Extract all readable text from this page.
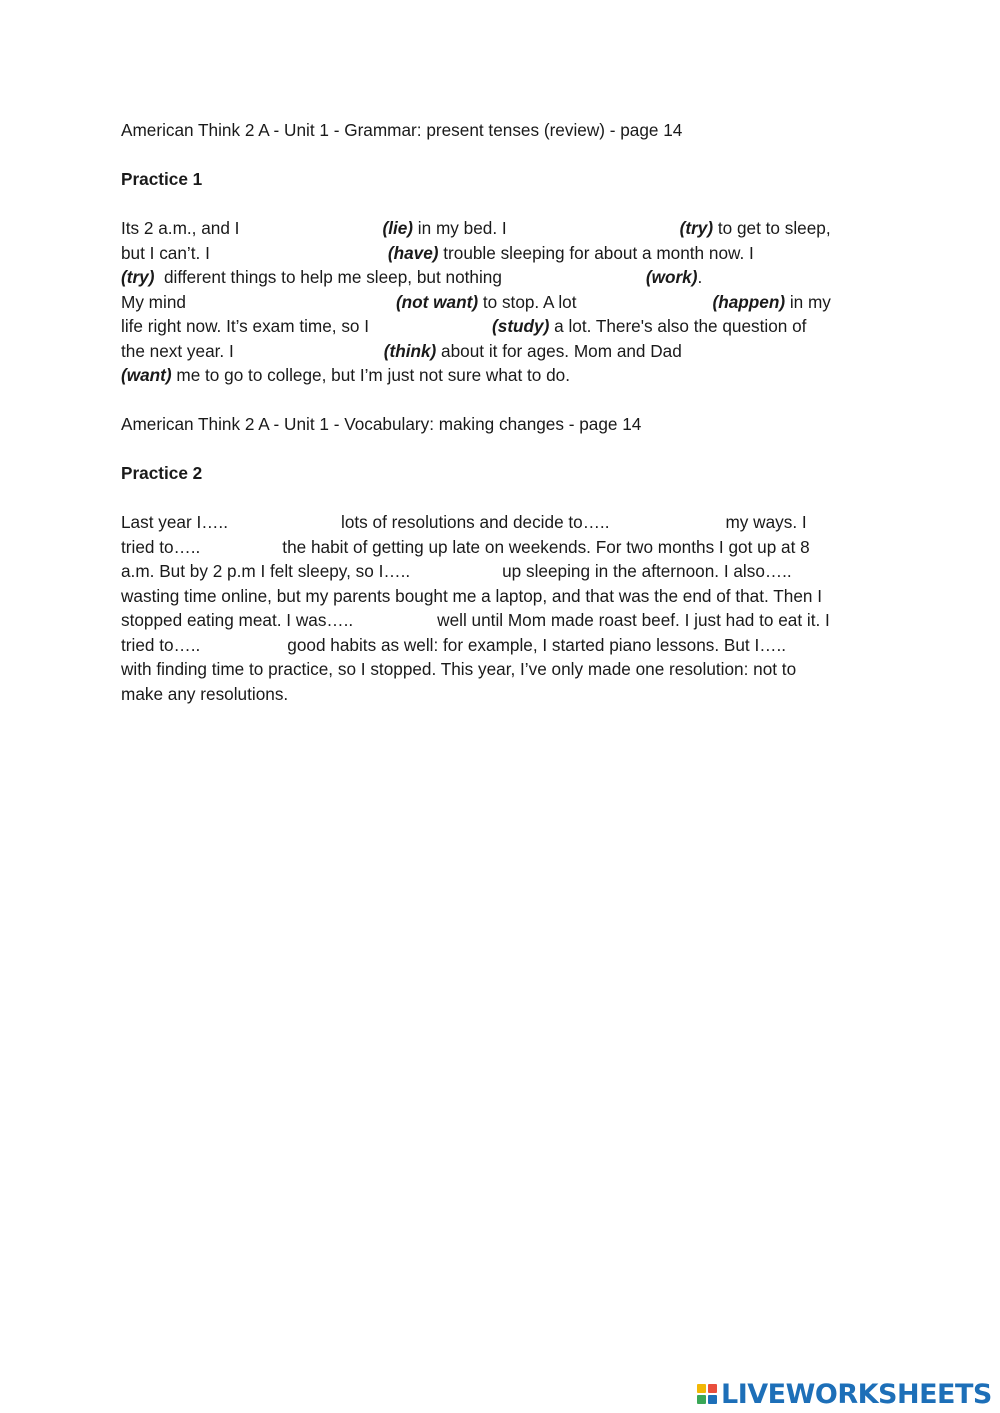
American Think 2 A - Unit 1 - Grammar: present tenses (review) - page 14
Practice 1
Its 2 a.m., and I	(lie) in my bed. I	(try) to get to sleep,
but I can’t. I	(have) trouble sleeping for about a month now. I
(try)  different things to help me sleep, but nothing	(work).
My mind	(not want) to stop. A lot	(happen) in my
life right now. It’s exam time, so I	(study) a lot. There's also the question of
the next year. I	(think) about it for ages. Mom and Dad
(want) me to go to college, but I’m just not sure what to do.
American Think 2 A - Unit 1 - Vocabulary: making changes - page 14
Practice 2
Last year I…..	lots of resolutions and decide to…..	my ways. I
tried to…..	the habit of getting up late on weekends. For two months I got up at 8
a.m. But by 2 p.m I felt sleepy, so I…..	up sleeping in the afternoon. I also…..
wasting time online, but my parents bought me a laptop, and that was the end of that. Then I
stopped eating meat. I was…..	well until Mom made roast beef. I just had to eat it. I
tried to…..	good habits as well: for example, I started piano lessons. But I…..
with finding time to practice, so I stopped. This year, I’ve only made one resolution: not to
make any resolutions.
LIVEWORKSHEETS
